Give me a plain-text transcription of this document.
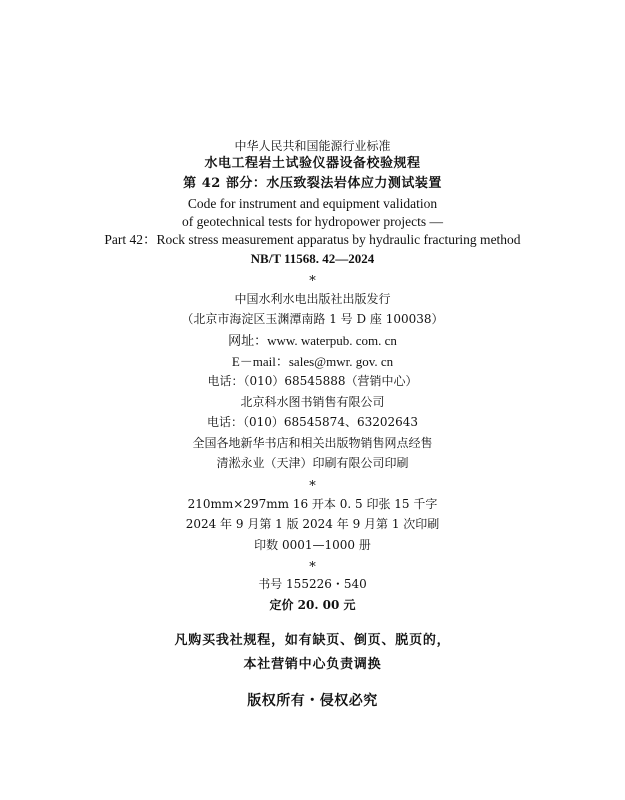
中华人民共和国能源行业标准
水电工程岩土试验仪器设备校验规程
第 42 部分：水压致裂法岩体应力测试装置
Code for instrument and equipment validation
of geotechnical tests for hydropower projects —
Part 42：Rock stress measurement apparatus by hydraulic fracturing method
NB/T 11568. 42—2024
*
中国水利水电出版社出版发行
（北京市海淀区玉渊潭南路 1 号 D 座 100038）
网址：www. waterpub. com. cn
E－mail：sales@mwr. gov. cn
电话：（010）68545888（营销中心）
北京科水图书销售有限公司
电话：（010）68545874、63202643
全国各地新华书店和相关出版物销售网点经售
清淞永业（天津）印刷有限公司印刷
*
210mm×297mm 16 开本 0. 5 印张 15 千字
2024 年 9 月第 1 版 2024 年 9 月第 1 次印刷
印数 0001—1000 册
*
书号 155226・540
定价 20. 00 元
凡购买我社规程，如有缺页、倒页、脱页的，
本社营销中心负责调换
版权所有・侵权必究
